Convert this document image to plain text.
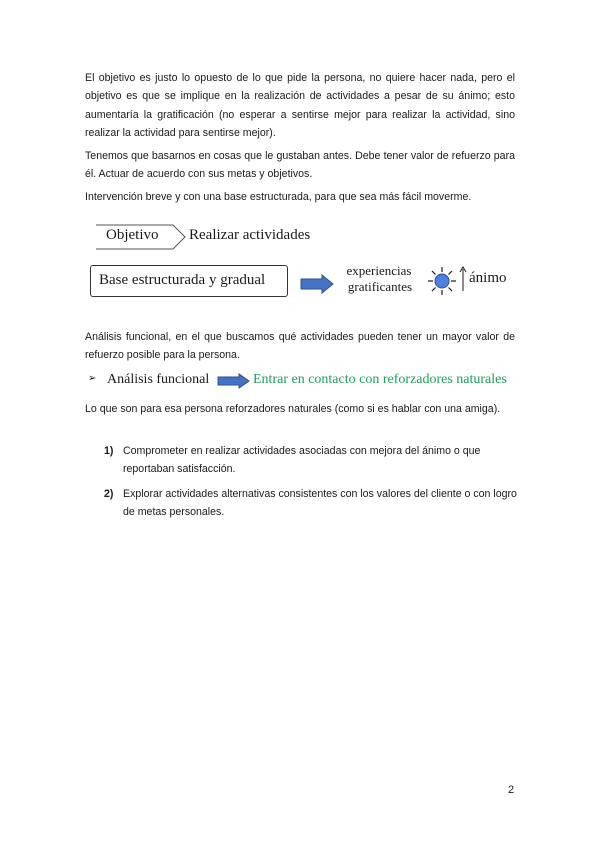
El objetivo es justo lo opuesto de lo que pide la persona, no quiere hacer nada, pero el objetivo es que se implique en la realización de actividades a pesar de su ánimo; esto aumentaría la gratificación (no esperar a sentirse mejor para realizar la actividad, sino realizar la actividad para sentirse mejor).
Tenemos que basarnos en cosas que le gustaban antes. Debe tener valor de refuerzo para él. Actuar de acuerdo con sus metas y objetivos.
Intervención breve y con una base estructurada, para que sea más fácil moverme.
Objetivo Realizar actividades
Base estructurada y gradual
experiencias
gratificantes
ánimo
Análisis funcional, en el que buscamos qué actividades pueden tener un mayor valor de refuerzo posible para la persona.
➢ Análisis funcional	Entrar en contacto con reforzadores naturales
Lo que son para esa persona reforzadores naturales (como si es hablar con una amiga).
1) Comprometer en realizar actividades asociadas con mejora del ánimo o que reportaban satisfacción.
2) Explorar actividades alternativas consistentes con los valores del cliente o con logro de metas personales.
2
